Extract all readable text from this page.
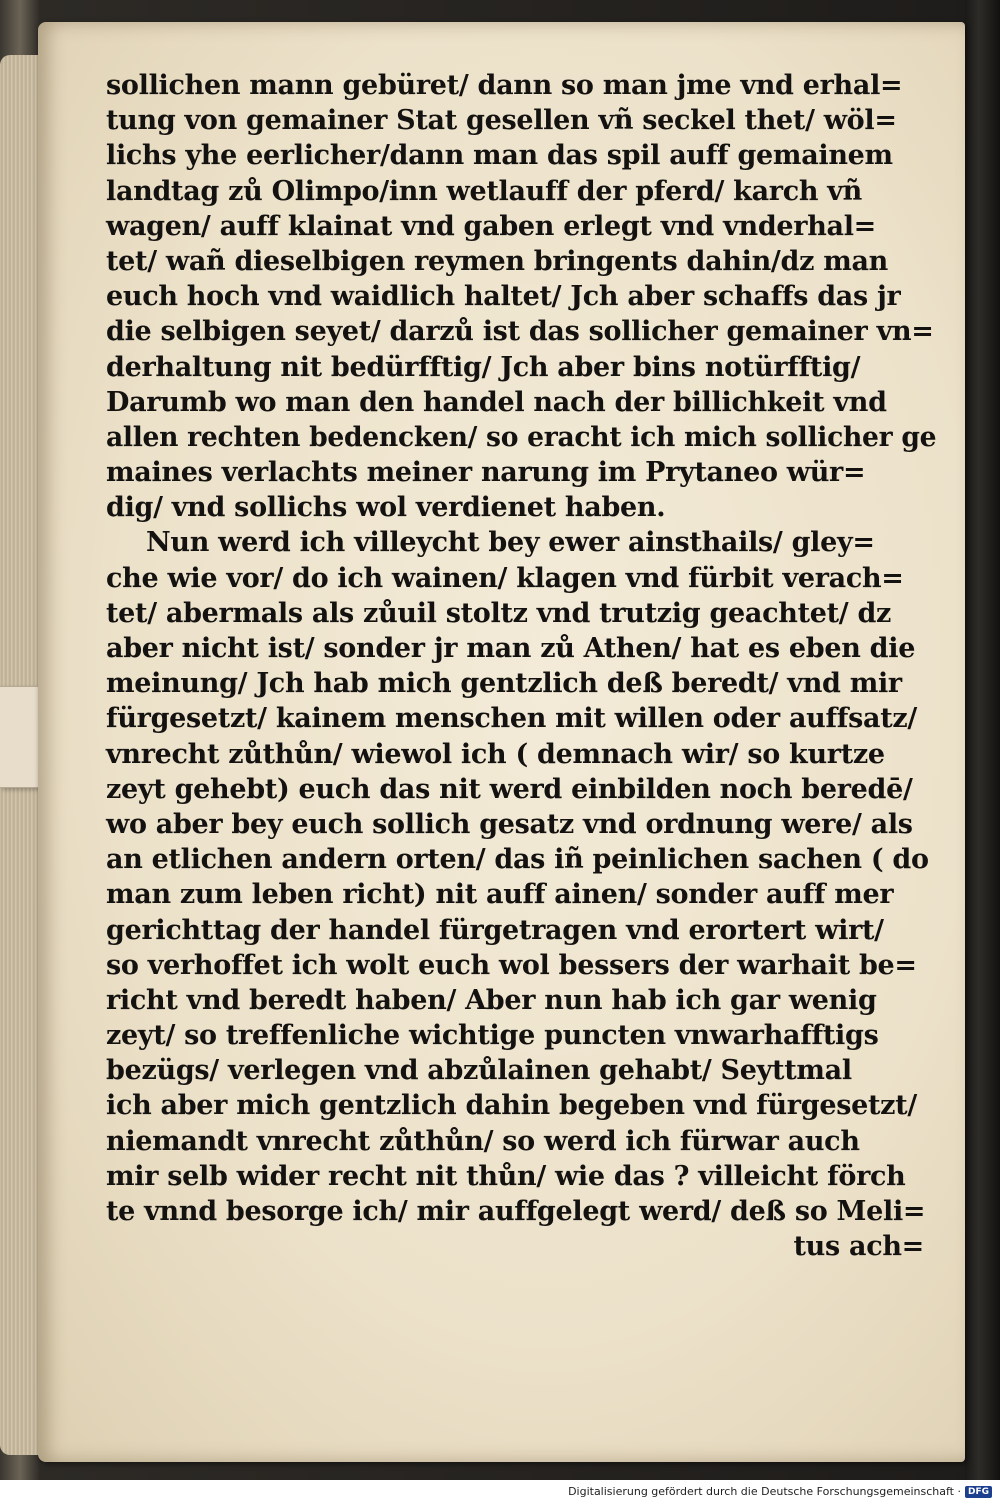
sollichen mann gebüret/ dann so man jme vnd erhal=
tung von gemainer Stat gesellen vñ seckel thet/ wöl=
lichs yhe eerlicher/dann man das spil auff gemainem
landtag zů Olimpo/inn wetlauff der pferd/ karch vñ
wagen/ auff klainat vnd gaben erlegt vnd vnderhal=
tet/ wañ dieselbigen reymen bringents dahin/dz man
euch hoch vnd waidlich haltet/ Jch aber schaffs das jr
die selbigen seyet/ darzů ist das sollicher gemainer vn=
derhaltung nit bedürfftig/ Jch aber bins notürfftig/
Darumb wo man den handel nach der billichkeit vnd
allen rechten bedencken/ so eracht ich mich sollicher ge
maines verlachts meiner narung im Prytaneo wür=
dig/ vnd sollichs wol verdienet haben.
Nun werd ich villeycht bey ewer ainsthails/ gley=
che wie vor/ do ich wainen/ klagen vnd fürbit verach=
tet/ abermals als zůuil stoltz vnd trutzig geachtet/ dz
aber nicht ist/ sonder jr man zů Athen/ hat es eben die
meinung/ Jch hab mich gentzlich deß beredt/ vnd mir
fürgesetzt/ kainem menschen mit willen oder auffsatz/
vnrecht zůthůn/ wiewol ich ( demnach wir/ so kurtze
zeyt gehebt) euch das nit werd einbilden noch beredē/
wo aber bey euch sollich gesatz vnd ordnung were/ als
an etlichen andern orten/ das iñ peinlichen sachen ( do
man zum leben richt) nit auff ainen/ sonder auff mer
gerichttag der handel fürgetragen vnd erortert wirt/
so verhoffet ich wolt euch wol bessers der warhait be=
richt vnd beredt haben/ Aber nun hab ich gar wenig
zeyt/ so treffenliche wichtige puncten vnwarhafftigs
bezügs/ verlegen vnd abzůlainen gehabt/ Seyttmal
ich aber mich gentzlich dahin begeben vnd fürgesetzt/
niemandt vnrecht zůthůn/ so werd ich fürwar auch
mir selb wider recht nit thůn/ wie das ? villeicht förch
te vnnd besorge ich/ mir auffgelegt werd/ deß so Meli=
tus ach=
Digitalisierung gefördert durch die Deutsche Forschungsgemeinschaft · DFG
